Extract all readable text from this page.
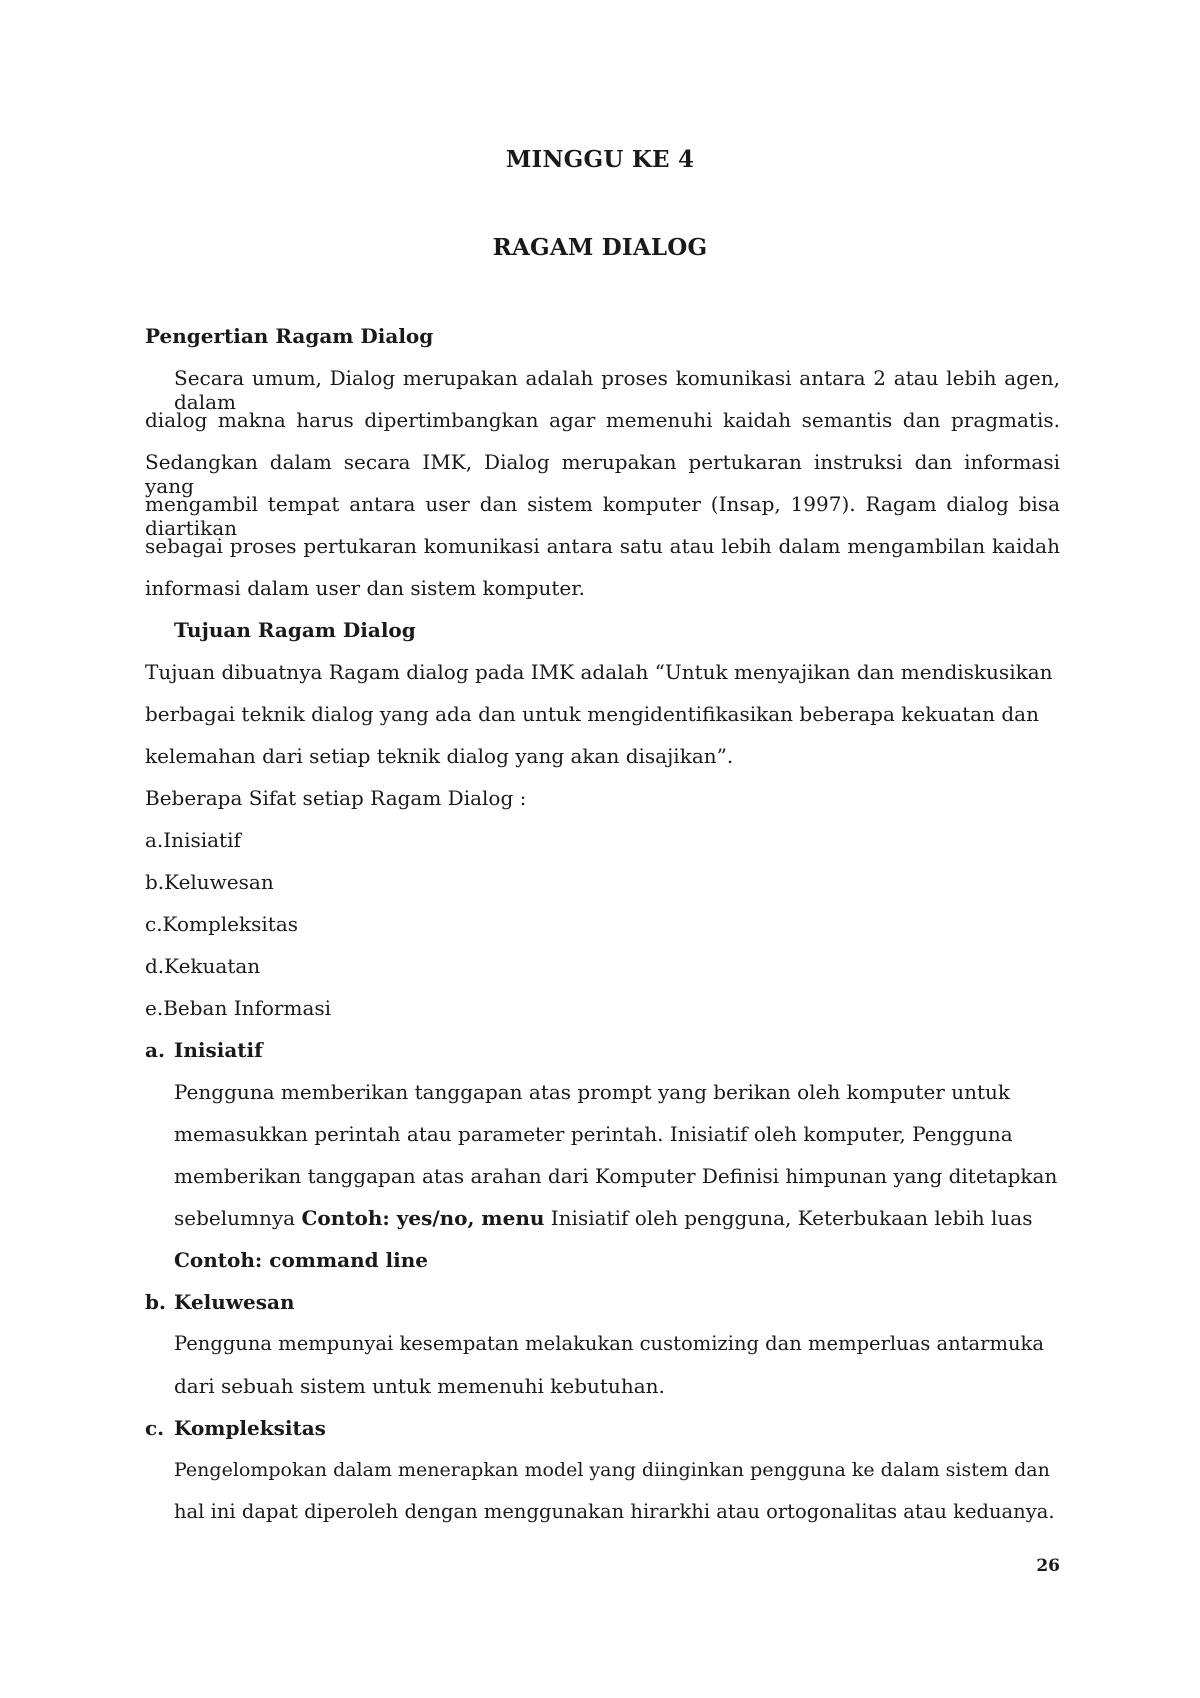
MINGGU KE 4
RAGAM DIALOG
Pengertian Ragam Dialog
Secara umum, Dialog merupakan adalah proses komunikasi antara 2 atau lebih agen, dalam
dialog makna harus dipertimbangkan agar memenuhi kaidah semantis dan pragmatis.
Sedangkan dalam secara IMK, Dialog merupakan pertukaran instruksi dan informasi yang
mengambil tempat antara user dan sistem komputer (Insap, 1997). Ragam dialog bisa diartikan
sebagai proses pertukaran komunikasi antara satu atau lebih dalam mengambilan kaidah
informasi dalam user dan sistem komputer.
Tujuan Ragam Dialog
Tujuan dibuatnya Ragam dialog pada IMK adalah “Untuk menyajikan dan mendiskusikan
berbagai teknik dialog yang ada dan untuk mengidentifikasikan beberapa kekuatan dan
kelemahan dari setiap teknik dialog yang akan disajikan”.
Beberapa Sifat setiap Ragam Dialog :
a.Inisiatif
b.Keluwesan
c.Kompleksitas
d.Kekuatan
e.Beban Informasi
a. Inisiatif
Pengguna memberikan tanggapan atas prompt yang berikan oleh komputer untuk
memasukkan perintah atau parameter perintah. Inisiatif oleh komputer, Pengguna
memberikan tanggapan atas arahan dari Komputer Definisi himpunan yang ditetapkan
sebelumnya Contoh: yes/no, menu Inisiatif oleh pengguna, Keterbukaan lebih luas
Contoh: command line
b. Keluwesan
Pengguna mempunyai kesempatan melakukan customizing dan memperluas antarmuka
dari sebuah sistem untuk memenuhi kebutuhan.
c. Kompleksitas
Pengelompokan dalam menerapkan model yang diinginkan pengguna ke dalam sistem dan
hal ini dapat diperoleh dengan menggunakan hirarkhi atau ortogonalitas atau keduanya.
26
